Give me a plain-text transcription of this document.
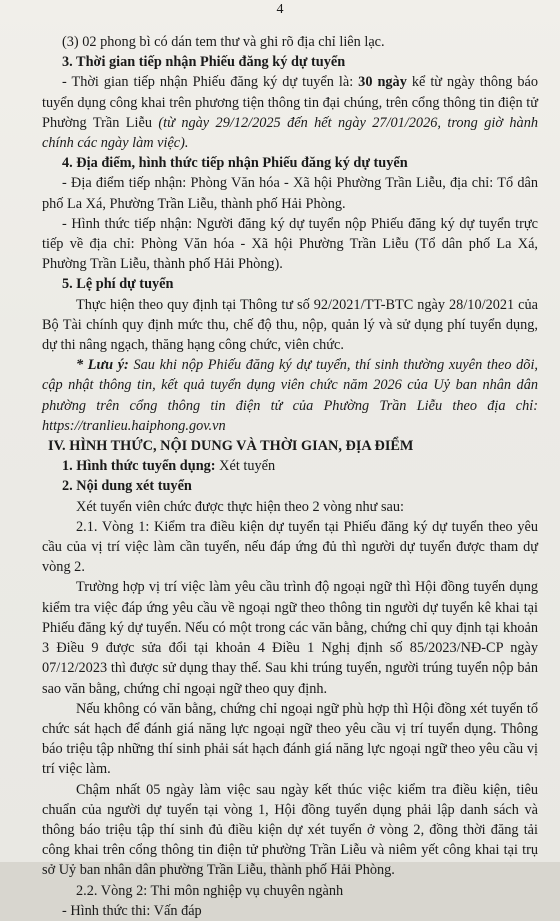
4

(3) 02 phong bì có dán tem thư và ghi rõ địa chỉ liên lạc.

3. Thời gian tiếp nhận Phiếu đăng ký dự tuyển

- Thời gian tiếp nhận Phiếu đăng ký dự tuyển là: 30 ngày kể từ ngày thông báo tuyển dụng công khai trên phương tiện thông tin đại chúng, trên cổng thông tin điện tử Phường Trần Liễu (từ ngày 29/12/2025 đến hết ngày 27/01/2026, trong giờ hành chính các ngày làm việc).

4. Địa điểm, hình thức tiếp nhận Phiếu đăng ký dự tuyển

- Địa điểm tiếp nhận: Phòng Văn hóa - Xã hội Phường Trần Liễu, địa chỉ: Tổ dân phố La Xá, Phường Trần Liễu, thành phố Hải Phòng.

- Hình thức tiếp nhận: Người đăng ký dự tuyển nộp Phiếu đăng ký dự tuyển trực tiếp về địa chỉ: Phòng Văn hóa - Xã hội Phường Trần Liễu (Tổ dân phố La Xá, Phường Trần Liễu, thành phố Hải Phòng).

5. Lệ phí dự tuyển

Thực hiện theo quy định tại Thông tư số 92/2021/TT-BTC ngày 28/10/2021 của Bộ Tài chính quy định mức thu, chế độ thu, nộp, quản lý và sử dụng phí tuyển dụng, dự thi nâng ngạch, thăng hạng công chức, viên chức.

* Lưu ý: Sau khi nộp Phiếu đăng ký dự tuyển, thí sinh thường xuyên theo dõi, cập nhật thông tin, kết quả tuyển dụng viên chức năm 2026 của Uỷ ban nhân dân phường trên cổng thông tin điện tử của Phường Trần Liễu theo địa chỉ: https://tranlieu.haiphong.gov.vn

IV. HÌNH THỨC, NỘI DUNG VÀ THỜI GIAN, ĐỊA ĐIỂM

1. Hình thức tuyển dụng: Xét tuyển

2. Nội dung xét tuyển

Xét tuyển viên chức được thực hiện theo 2 vòng như sau:

2.1. Vòng 1: Kiểm tra điều kiện dự tuyển tại Phiếu đăng ký dự tuyển theo yêu cầu của vị trí việc làm cần tuyển, nếu đáp ứng đủ thì người dự tuyển được tham dự vòng 2.

Trường hợp vị trí việc làm yêu cầu trình độ ngoại ngữ thì Hội đồng tuyển dụng kiểm tra việc đáp ứng yêu cầu về ngoại ngữ theo thông tin người dự tuyển kê khai tại Phiếu đăng ký dự tuyển. Nếu có một trong các văn bằng, chứng chỉ quy định tại khoản 3 Điều 9 được sửa đổi tại khoản 4 Điều 1 Nghị định số 85/2023/NĐ-CP ngày 07/12/2023 thì được sử dụng thay thế. Sau khi trúng tuyển, người trúng tuyển nộp bản sao văn bằng, chứng chỉ ngoại ngữ theo quy định.

Nếu không có văn bằng, chứng chỉ ngoại ngữ phù hợp thì Hội đồng xét tuyển tổ chức sát hạch để đánh giá năng lực ngoại ngữ theo yêu cầu vị trí tuyển dụng. Thông báo triệu tập những thí sinh phải sát hạch đánh giá năng lực ngoại ngữ theo yêu cầu vị trí việc làm.

Chậm nhất 05 ngày làm việc sau ngày kết thúc việc kiểm tra điều kiện, tiêu chuẩn của người dự tuyển tại vòng 1, Hội đồng tuyển dụng phải lập danh sách và thông báo triệu tập thí sinh đủ điều kiện dự xét tuyển ở vòng 2, đồng thời đăng tải công khai trên cổng thông tin điện tử phường Trần Liễu và niêm yết công khai tại trụ sở Uỷ ban nhân dân phường Trần Liễu, thành phố Hải Phòng.

2.2. Vòng 2: Thi môn nghiệp vụ chuyên ngành

- Hình thức thi: Vấn đáp
